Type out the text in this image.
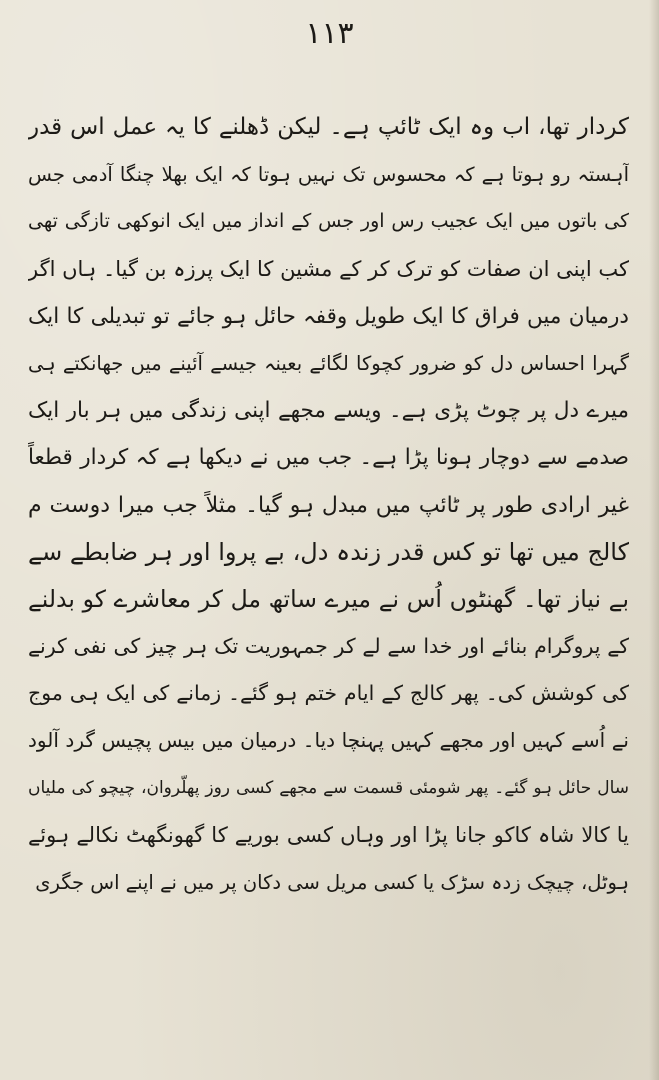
۱۱۳
کردار تھا، اب وہ ایک ٹائپ ہے۔ لیکن ڈھلنے کا یہ عمل اس قدر
آہستہ رو ہوتا ہے کہ محسوس تک نہیں ہوتا کہ ایک بھلا چنگا آدمی جس
کی باتوں میں ایک عجیب رس اور جس کے انداز میں ایک انوکھی تازگی تھی
کب اپنی ان صفات کو ترک کر کے مشین کا ایک پرزہ بن گیا۔ ہاں اگر
درمیان میں فراق کا ایک طویل وقفہ حائل ہو جائے تو تبدیلی کا ایک
گہرا احساس دل کو ضرور کچوکا لگائے بعینہ جیسے آئینے میں جھانکتے ہی
میرے دل پر چوٹ پڑی ہے۔ ویسے مجھے اپنی زندگی میں ہر بار ایک
صدمے سے دوچار ہونا پڑا ہے۔ جب میں نے دیکھا ہے کہ کردار قطعاً
غیر ارادی طور پر ٹائپ میں مبدل ہو گیا۔ مثلاً جب میرا دوست م
کالج میں تھا تو کس قدر زندہ دل، بے پروا اور ہر ضابطے سے
بے نیاز تھا۔ گھنٹوں اُس نے میرے ساتھ مل کر معاشرے کو بدلنے
کے پروگرام بنائے اور خدا سے لے کر جمہوریت تک ہر چیز کی نفی کرنے
کی کوشش کی۔ پھر کالج کے ایام ختم ہو گئے۔ زمانے کی ایک ہی موج
نے اُسے کہیں اور مجھے کہیں پہنچا دیا۔ درمیان میں بیس پچیس گرد آلود
سال حائل ہو گئے۔ پھر شومئی قسمت سے مجھے کسی روز پھلّروان، چیچو کی ملیاں
یا کالا شاہ کاکو جانا پڑا اور وہاں کسی بوریے کا گھونگھٹ نکالے ہوئے
ہوٹل، چیچک زدہ سڑک یا کسی مریل سی دکان پر میں نے اپنے اس جگری
